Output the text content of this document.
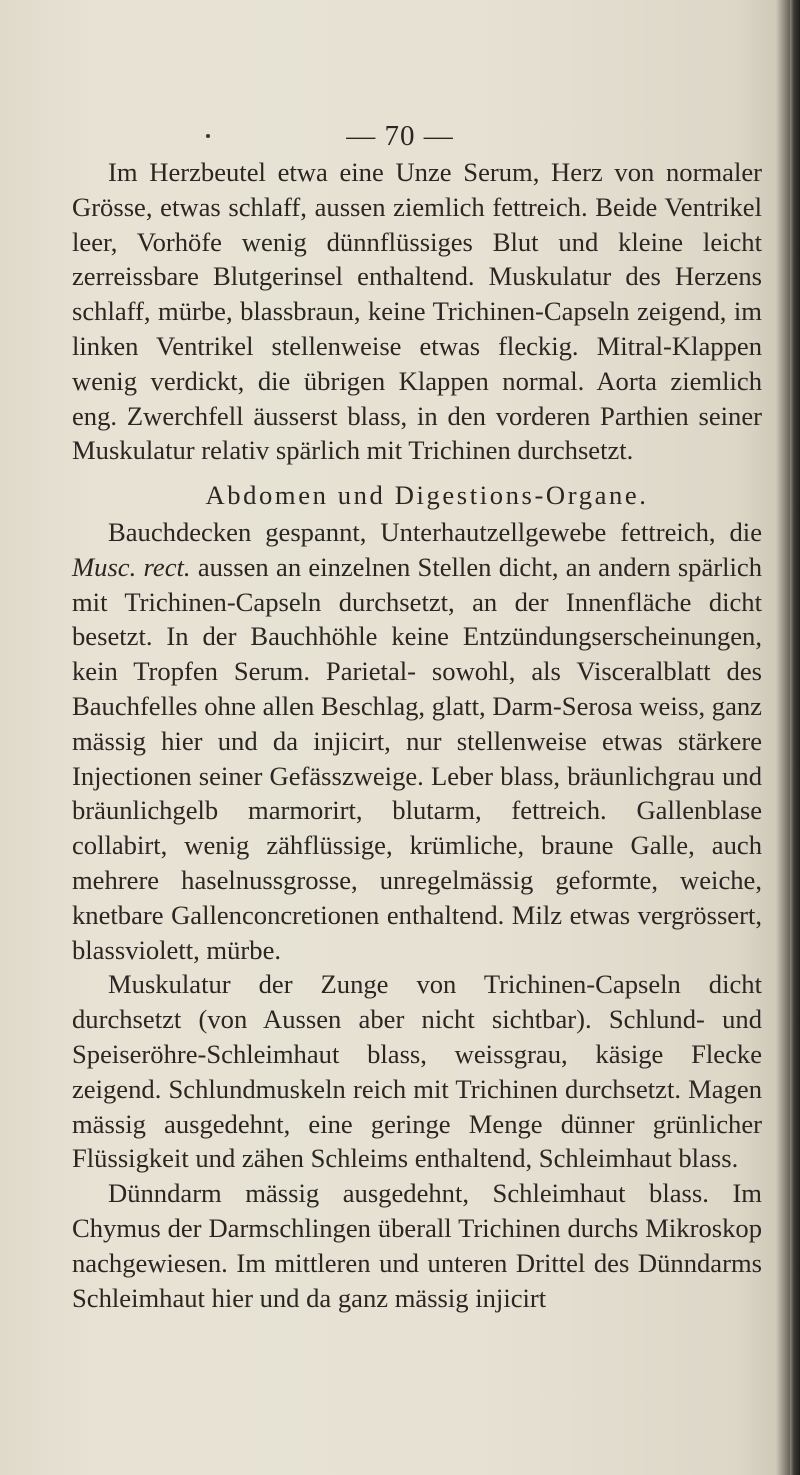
— 70 —

Im Herzbeutel etwa eine Unze Serum, Herz von normaler Grösse, etwas schlaff, aussen ziemlich fettreich. Beide Ventrikel leer, Vorhöfe wenig dünnflüssiges Blut und kleine leicht zerreissbare Blutgerinsel enthaltend. Muskulatur des Herzens schlaff, mürbe, blassbraun, keine Trichinen-Capseln zeigend, im linken Ventrikel stellenweise etwas fleckig. Mitral-Klappen wenig verdickt, die übrigen Klappen normal. Aorta ziemlich eng. Zwerchfell äusserst blass, in den vorderen Parthien seiner Muskulatur relativ spärlich mit Trichinen durchsetzt.

Abdomen und Digestions-Organe.

Bauchdecken gespannt, Unterhautzellgewebe fettreich, die Musc. rect. aussen an einzelnen Stellen dicht, an andern spärlich mit Trichinen-Capseln durchsetzt, an der Innenfläche dicht besetzt. In der Bauchhöhle keine Entzündungserscheinungen, kein Tropfen Serum. Parietal- sowohl, als Visceralblatt des Bauchfelles ohne allen Beschlag, glatt, Darm-Serosa weiss, ganz mässig hier und da injicirt, nur stellenweise etwas stärkere Injectionen seiner Gefässzweige. Leber blass, bräunlichgrau und bräunlichgelb marmorirt, blutarm, fettreich. Gallenblase collabirt, wenig zähflüssige, krümliche, braune Galle, auch mehrere haselnussgrosse, unregelmässig geformte, weiche, knetbare Gallenconcretionen enthaltend. Milz etwas vergrössert, blassviolett, mürbe.

Muskulatur der Zunge von Trichinen-Capseln dicht durchsetzt (von Aussen aber nicht sichtbar). Schlund- und Speiseröhre-Schleimhaut blass, weissgrau, käsige Flecke zeigend. Schlundmuskeln reich mit Trichinen durchsetzt. Magen mässig ausgedehnt, eine geringe Menge dünner grünlicher Flüssigkeit und zähen Schleims enthaltend, Schleimhaut blass.

Dünndarm mässig ausgedehnt, Schleimhaut blass. Im Chymus der Darmschlingen überall Trichinen durchs Mikroskop nachgewiesen. Im mittleren und unteren Drittel des Dünndarms Schleimhaut hier und da ganz mässig injicirt
